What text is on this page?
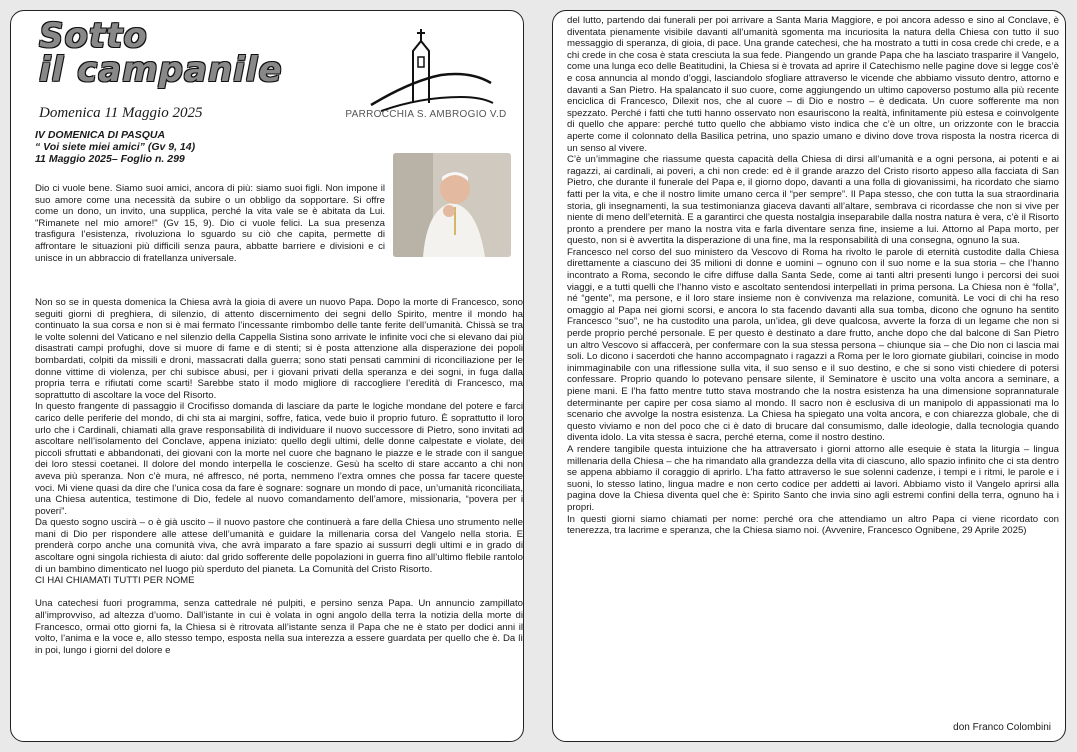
Sotto
il campanile
Domenica 11 Maggio 2025	PARROCCHIA S. AMBROGIO V.D
IV DOMENICA DI PASQUA
“ Voi siete miei amici” (Gv 9, 14)
11 Maggio 2025– Foglio n. 299
Dio ci vuole bene. Siamo suoi amici, ancora di più: siamo suoi figli. Non impone il suo amore come una necessità da subire o un obbligo da sopportare. Si offre come un dono, un invito, una supplica, perché la vita vale se è abitata da Lui. "Rimanete nel mio amore!" (Gv 15, 9). Dio ci vuole felici. La sua presenza trasfigura l’esistenza, rivoluziona lo sguardo su ciò che capita, permette di affrontare le situazioni più difficili senza paura, abbatte barriere e divisioni e ci unisce in un abbraccio di fratellanza universale.

Non so se in questa domenica la Chiesa avrà la gioia di avere un nuovo Papa. Dopo la morte di Francesco, sono seguiti giorni di preghiera, di silenzio, di attento discernimento dei segni dello Spirito, mentre il mondo ha continuato la sua corsa e non si è mai fermato l’incessante rimbombo delle tante ferite dell’umanità. Chissà se tra le volte solenni del Vaticano e nel silenzio della Cappella Sistina sono arrivate le infinite voci che si elevano dai più disastrati campi profughi, dove si muore di fame e di stenti; si è posta attenzione alla disperazione dei popoli bombardati, colpiti da missili e droni, massacrati dalla guerra; sono stati pensati cammini di riconciliazione per le donne vittime di violenza, per chi subisce abusi, per i giovani privati della speranza e dei sogni, in fuga dalla propria terra e rifiutati come scarti! Sarebbe stato il modo migliore di raccogliere l’eredità di Francesco, ma soprattutto di ascoltare la voce del Risorto.

In questo frangente di passaggio il Crocifisso domanda di lasciare da parte le logiche mondane del potere e farci carico delle periferie del mondo, di chi sta ai margini, soffre, fatica, vede buio il proprio futuro. È soprattutto il loro urlo che i Cardinali, chiamati alla grave responsabilità di individuare il nuovo successore di Pietro, sono invitati ad ascoltare nell’isolamento del Conclave, appena iniziato: quello degli ultimi, delle donne calpestate e violate, dei piccoli sfruttati e abbandonati, dei giovani con la morte nel cuore che bagnano le piazze e le strade con il sangue dei loro stessi coetanei. Il dolore del mondo interpella le coscienze. Gesù ha scelto di stare accanto a chi non aveva più speranza. Non c’è mura, né affresco, né porta, nemmeno l’extra omnes che possa far tacere queste voci. Mi viene quasi da dire che l’unica cosa da fare è sognare: sognare un mondo di pace, un’umanità riconciliata, una Chiesa autentica, testimone di Dio, fedele al nuovo comandamento dell’amore, missionaria, “povera per i poveri”.

Da questo sogno uscirà – o è già uscito – il nuovo pastore che continuerà a fare della Chiesa uno strumento nelle mani di Dio per rispondere alle attese dell’umanità e guidare la millenaria corsa del Vangelo nella storia. E prenderà corpo anche una comunità viva, che avrà imparato a fare spazio ai sussurri degli ultimi e in grado di ascoltare ogni singola richiesta di aiuto: dal grido sofferente delle popolazioni in guerra fino all’ultimo flebile rantolo di un bambino dimenticato nel luogo più sperduto del pianeta. La Comunità del Cristo Risorto.

CI HAI CHIAMATI TUTTI PER NOME

Una catechesi fuori programma, senza cattedrale né pulpiti, e persino senza Papa. Un annuncio zampillato all’improvviso, ad altezza d’uomo. Dall’istante in cui è volata in ogni angolo della terra la notizia della morte di Francesco, ormai otto giorni fa, la Chiesa si è ritrovata all’istante senza il Papa che ne è stato per dodici anni il volto, l’anima e la voce e, allo stesso tempo, esposta nella sua interezza a essere guardata per quello che è. Da lì in poi, lungo i giorni del dolore e

del lutto, partendo dai funerali per poi arrivare a Santa Maria Maggiore, e poi ancora adesso e sino al Conclave, è diventata pienamente visibile davanti all’umanità sgomenta ma incuriosita la natura della Chiesa con tutto il suo messaggio di speranza, di gioia, di pace. Una grande catechesi, che ha mostrato a tutti in cosa crede chi crede, e a chi crede in che cosa è stata cresciuta la sua fede. Piangendo un grande Papa che ha lasciato trasparire il Vangelo, come una lunga eco delle Beatitudini, la Chiesa si è trovata ad aprire il Catechismo nelle pagine dove si legge cos’è e cosa annuncia al mondo d’oggi, lasciandolo sfogliare attraverso le vicende che abbiamo vissuto dentro, attorno e davanti a San Pietro. Ha spalancato il suo cuore, come aggiungendo un ultimo capoverso postumo alla più recente enciclica di Francesco, Dilexit nos, che al cuore – di Dio e nostro – è dedicata. Un cuore sofferente ma non spezzato. Perché i fatti che tutti hanno osservato non esauriscono la realtà, infinitamente più estesa e coinvolgente di quello che appare: perché tutto quello che abbiamo visto indica che c’è un oltre, un orizzonte con le braccia aperte come il colonnato della Basilica petrina, uno spazio umano e divino dove trova risposta la nostra ricerca di un senso al vivere.

C’è un’immagine che riassume questa capacità della Chiesa di dirsi all’umanità e a ogni persona, ai potenti e ai ragazzi, ai cardinali, ai poveri, a chi non crede: ed è il grande arazzo del Cristo risorto appeso alla facciata di San Pietro, che durante il funerale del Papa e, il giorno dopo, davanti a una folla di giovanissimi, ha ricordato che siamo fatti per la vita, e che il nostro limite umano cerca il “per sempre”. Il Papa stesso, che con tutta la sua straordinaria storia, gli insegnamenti, la sua testimonianza giaceva davanti all’altare, sembrava ci ricordasse che non si vive per niente di meno dell’eternità. E a garantirci che questa nostalgia inseparabile dalla nostra natura è vera, c’è il Risorto pronto a prendere per mano la nostra vita e farla diventare senza fine, insieme a lui. Attorno al Papa morto, per questo, non si è avvertita la disperazione di una fine, ma la responsabilità di una consegna, ognuno la sua.

Francesco nel corso del suo ministero da Vescovo di Roma ha rivolto le parole di eternità custodite dalla Chiesa direttamente a ciascuno dei 35 milioni di donne e uomini – ognuno con il suo nome e la sua storia – che l’hanno incontrato a Roma, secondo le cifre diffuse dalla Santa Sede, come ai tanti altri presenti lungo i percorsi dei suoi viaggi, e a tutti quelli che l’hanno visto e ascoltato sentendosi interpellati in prima persona. La Chiesa non è “folla”, né “gente”, ma persone, e il loro stare insieme non è convivenza ma relazione, comunità. Le voci di chi ha reso omaggio al Papa nei giorni scorsi, e ancora lo sta facendo davanti alla sua tomba, dicono che ognuno ha sentito Francesco “suo”, ne ha custodito una parola, un’idea, gli deve qualcosa, avverte la forza di un legame che non si perde proprio perché personale. E per questo è destinato a dare frutto, anche dopo che dal balcone di San Pietro un altro Vescovo si affaccerà, per confermare con la sua stessa persona – chiunque sia – che Dio non ci lascia mai soli. Lo dicono i sacerdoti che hanno accompagnato i ragazzi a Roma per le loro giornate giubilari, coincise in modo inimmaginabile con una riflessione sulla vita, il suo senso e il suo destino, e che si sono visti chiedere di potersi confessare. Proprio quando lo potevano pensare silente, il Seminatore è uscito una volta ancora a seminare, a piene mani. E l’ha fatto mentre tutto stava mostrando che la nostra esistenza ha una dimensione soprannaturale determinante per capire per cosa siamo al mondo. Il sacro non è esclusiva di un manipolo di appassionati ma lo scenario che avvolge la nostra esistenza. La Chiesa ha spiegato una volta ancora, e con chiarezza globale, che di questo viviamo e non del poco che ci è dato di brucare dal consumismo, dalle ideologie, dalla tecnologia quando diventa idolo. La vita stessa è sacra, perché eterna, come il nostro destino.

A rendere tangibile questa intuizione che ha attraversato i giorni attorno alle esequie è stata la liturgia – lingua millenaria della Chiesa – che ha rimandato alla grandezza della vita di ciascuno, allo spazio infinito che ci sta dentro se appena abbiamo il coraggio di aprirlo. L’ha fatto attraverso le sue solenni cadenze, i tempi e i ritmi, le parole e i suoni, lo stesso latino, lingua madre e non certo codice per addetti ai lavori. Abbiamo visto il Vangelo aprirsi alla pagina dove la Chiesa diventa quel che è: Spirito Santo che invia sino agli estremi confini della terra, ognuno ha i propri.

In questi giorni siamo chiamati per nome: perché ora che attendiamo un altro Papa ci viene ricordato con tenerezza, tra lacrime e speranza, che la Chiesa siamo noi. (Avvenire, Francesco Ognibene, 29 Aprile 2025)

don Franco Colombini
